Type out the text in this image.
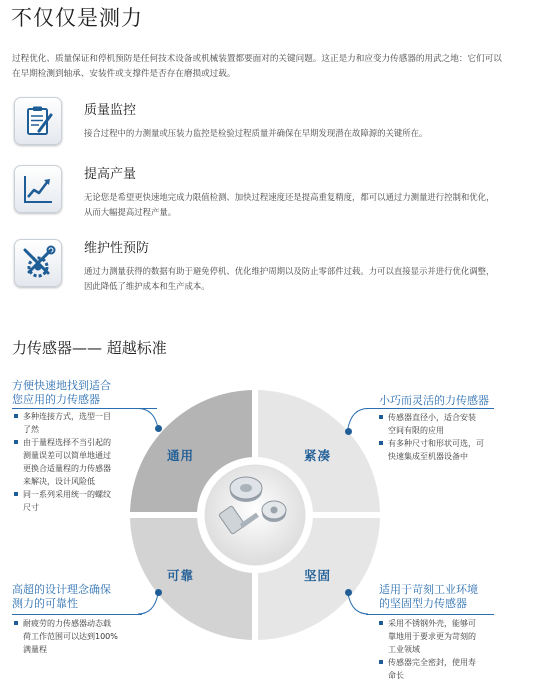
不仅仅是测力
过程优化、质量保证和停机预防是任何技术设备或机械装置都要面对的关键问题。这正是力和应变力传感器的用武之地：它们可以在早期检测到轴承、安装件或支撑件是否存在磨损或过载。
质量监控
接合过程中的力测量或压装力监控是检验过程质量并确保在早期发现潜在故障源的关键所在。
提高产量
无论您是希望更快速地完成力限值检测、加快过程速度还是提高重复精度，都可以通过力测量进行控制和优化，从而大幅提高过程产量。
维护性预防
通过力测量获得的数据有助于避免停机、优化维护周期以及防止零部件过载。力可以直接显示并进行优化调整，因此降低了维护成本和生产成本。
力传感器—— 超越标准
通用	紧凑
可靠	坚固
方便快速地找到适合
您应用的力传感器
多种连接方式，选型一目
了然
由于量程选择不当引起的
测量误差可以简单地通过
更换合适量程的力传感器
来解决，设计风险低
同一系列采用统一的螺纹
尺寸
小巧而灵活的力传感器
传感器直径小，适合安装
空间有限的应用
有多种尺寸和形状可选，可
快速集成至机器设备中
高超的设计理念确保
测力的可靠性
耐疲劳的力传感器动态载
荷工作范围可以达到100%
满量程
适用于苛刻工业环境
的坚固型力传感器
采用不锈钢外壳，能够可
靠地用于要求更为苛刻的
工业领域
传感器完全密封，使用寿
命长
